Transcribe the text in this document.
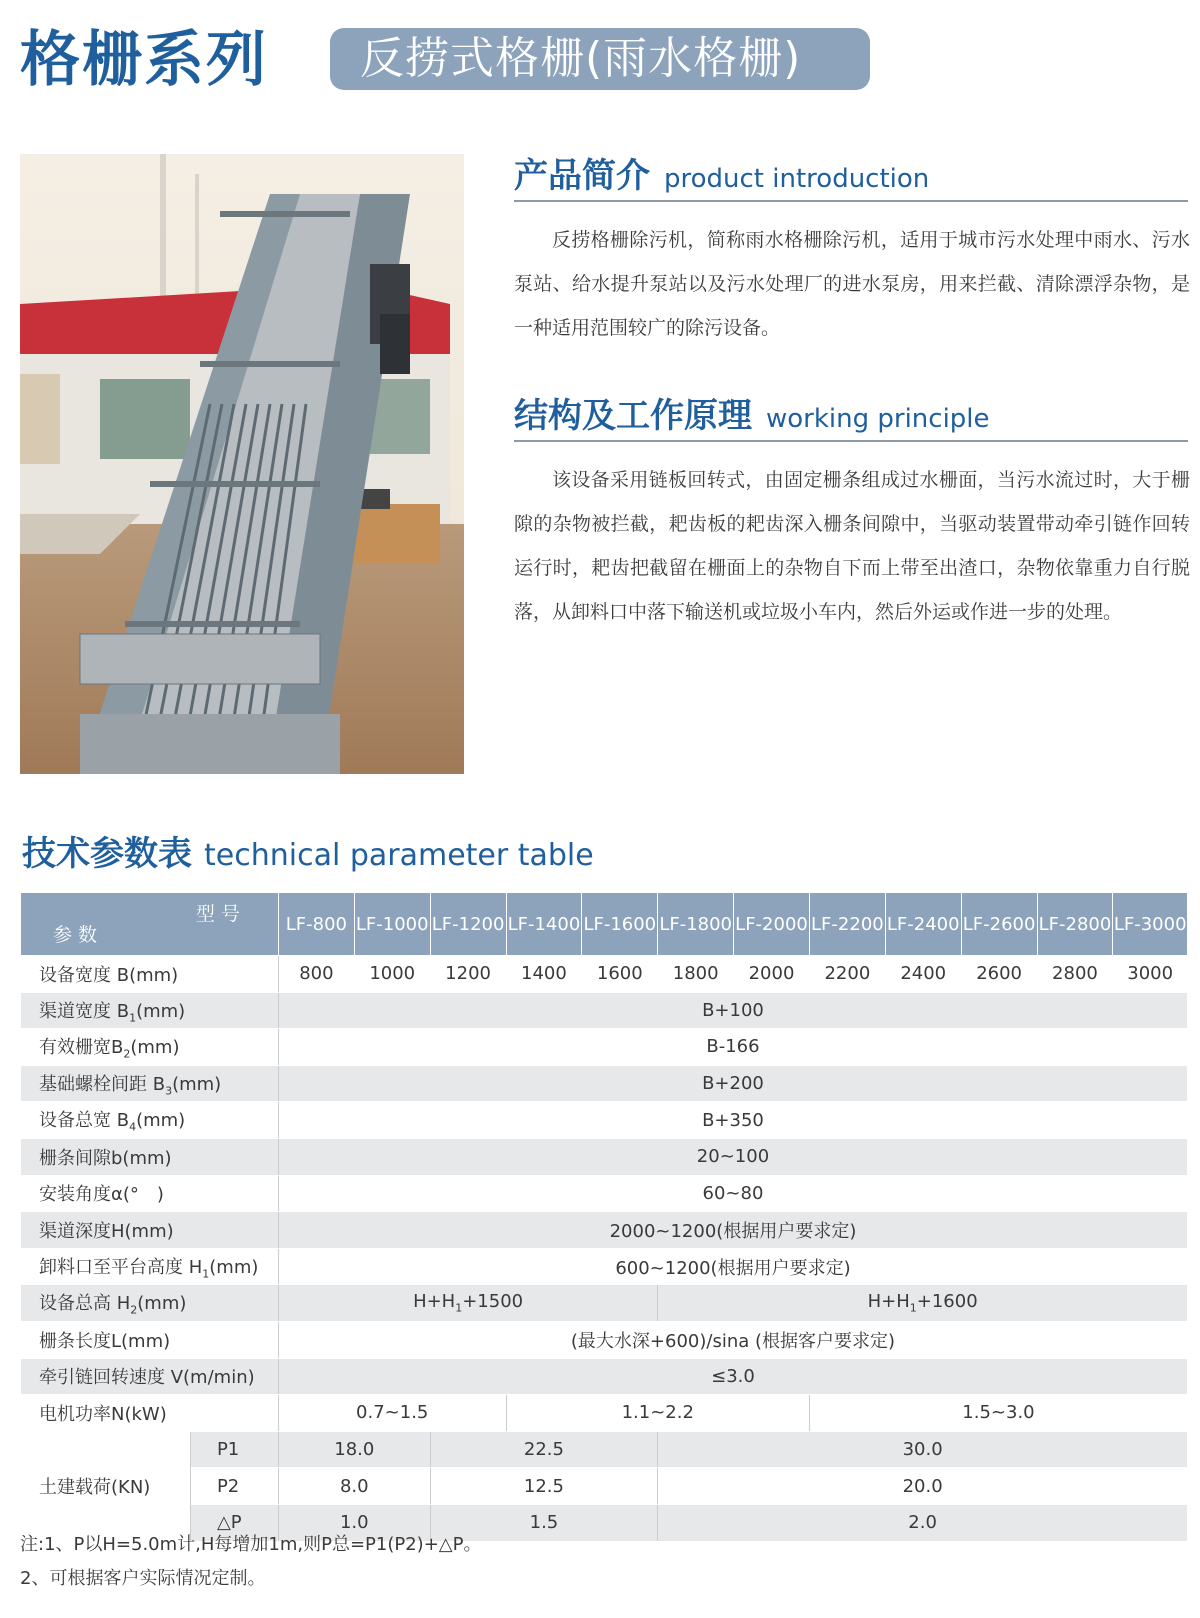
格栅系列	反捞式格栅(雨水格栅)
产品简介 product introduction
反捞格栅除污机，简称雨水格栅除污机，适用于城市污水处理中雨水、污水泵站、给水提升泵站以及污水处理厂的进水泵房，用来拦截、清除漂浮杂物，是一种适用范围较广的除污设备。
结构及工作原理 working principle
该设备采用链板回转式，由固定栅条组成过水栅面，当污水流过时，大于栅隙的杂物被拦截，耙齿板的耙齿深入栅条间隙中，当驱动装置带动牵引链作回转运行时，耙齿把截留在栅面上的杂物自下而上带至出渣口，杂物依靠重力自行脱落，从卸料口中落下输送机或垃圾小车内，然后外运或作进一步的处理。
技术参数表 technical parameter table
型 号
参 数		LF-800	LF-1000	LF-1200	LF-1400	LF-1600	LF-1800	LF-2000	LF-2200	LF-2400	LF-2600	LF-2800	LF-3000
设备宽度 B(mm)		800	1000	1200	1400	1600	1800	2000	2200	2400	2600	2800	3000
渠道宽度 $B_1(mm)$		B+100											
有效栅宽$B_2(mm)$		B-166											
基础螺栓间距 $B_3(mm)$		B+200											
设备总宽 $B_4(mm)$		B+350											
栅条间隙b(mm)		20~100											
安装角度α(°　)		60~80											
渠道深度H(mm)		2000~1200(根据用户要求定)											
卸料口至平台高度 $H_1(mm)$		600~1200(根据用户要求定)											
设备总高 $H_2(mm)$		$H+H_1+1500$					$H+H_1+1600$						
栅条长度L(mm)		(最大水深+600)/sina (根据客户要求定)											
牵引链回转速度 V(m/min)		≤3.0											
电机功率N(kW)		0.7~1.5			1.1~2.2				1.5~3.0				
土建载荷(KN)	P1	18.0		22.5			30.0						
	P2	8.0		12.5			20.0						
	△P	1.0		1.5			2.0						
注:1、P以H=5.0m计,H每增加1m,则P总=P1(P2)+△P。
2、可根据客户实际情况定制。
